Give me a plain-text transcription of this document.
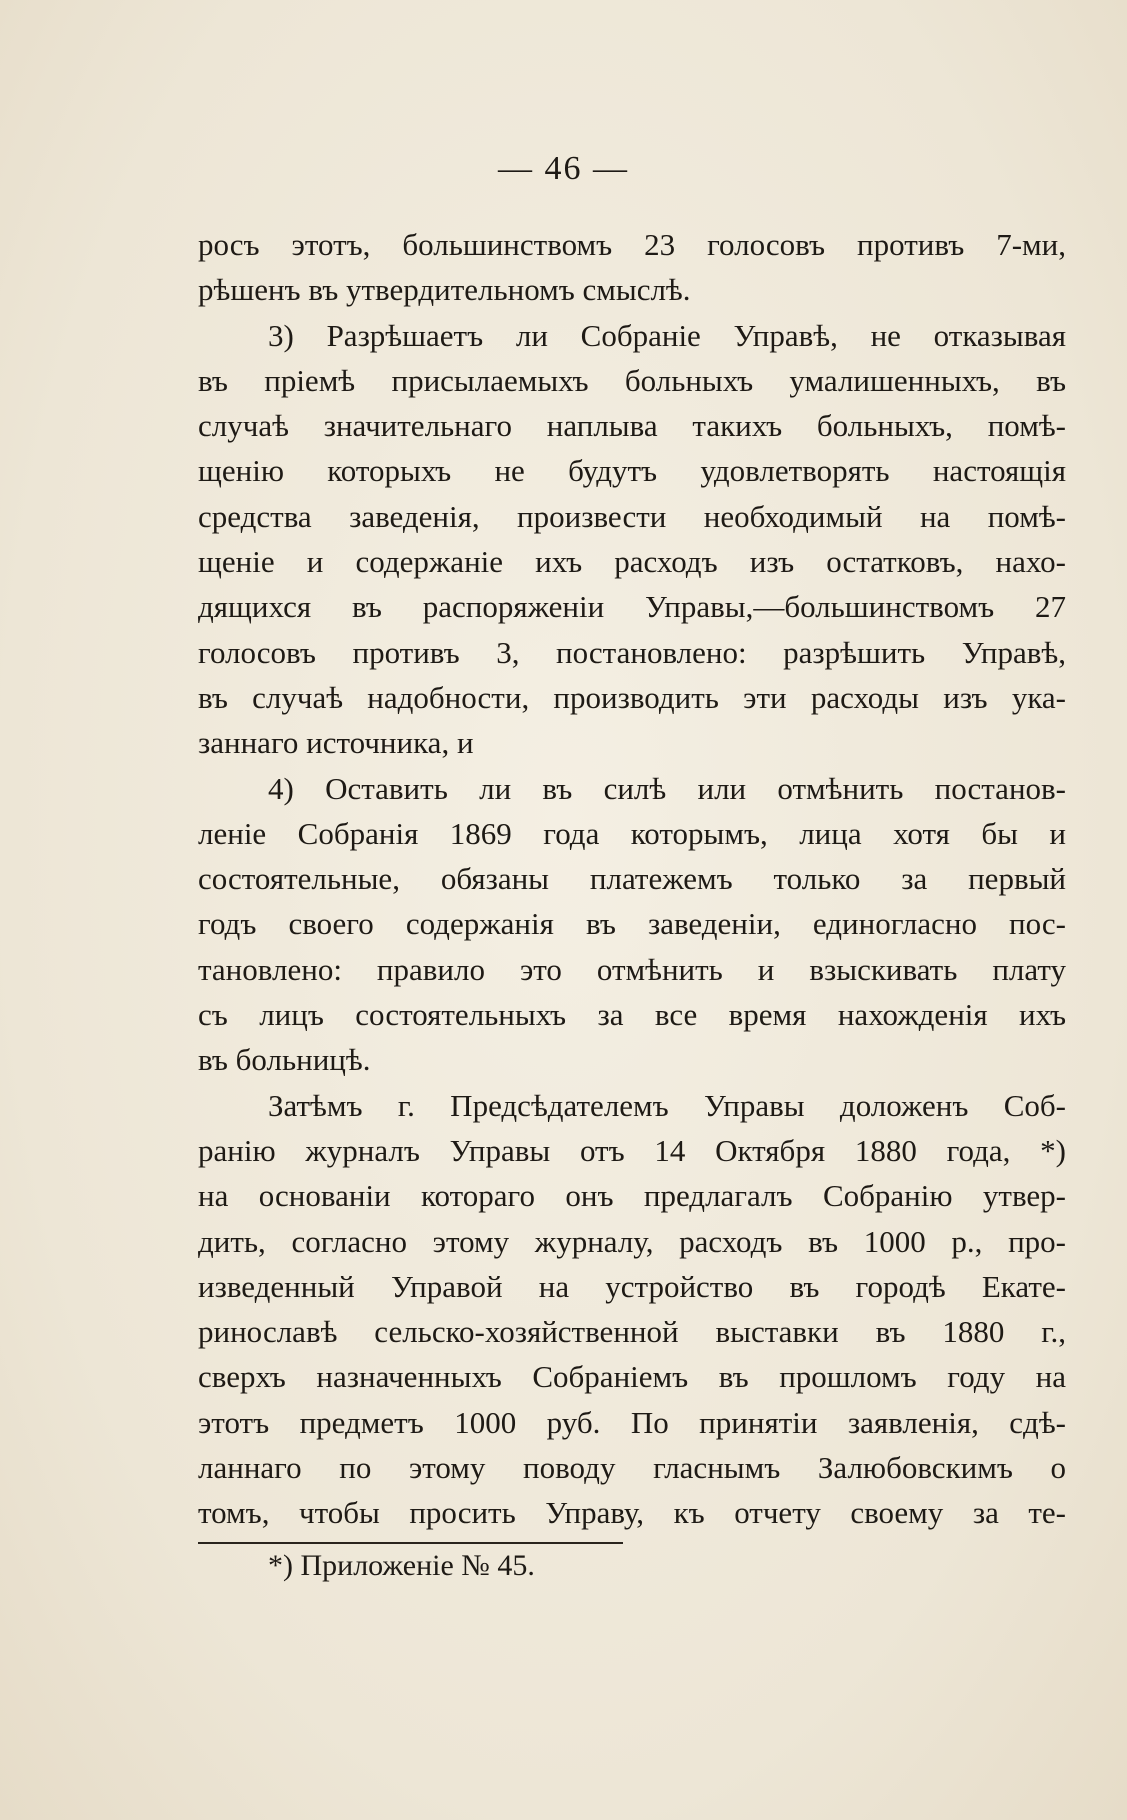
— 46 —
росъ этотъ, большинствомъ 23 голосовъ противъ 7-ми,
рѣшенъ въ утвердительномъ смыслѣ.
3) Разрѣшаетъ ли Собраніе Управѣ, не отказывая
въ пріемѣ присылаемыхъ больныхъ умалишенныхъ, въ
случаѣ значительнаго наплыва такихъ больныхъ, помѣ-
щенію которыхъ не будутъ удовлетворять настоящія
средства заведенія, произвести необходимый на помѣ-
щеніе и содержаніе ихъ расходъ изъ остатковъ, нахо-
дящихся въ распоряженіи Управы,—большинствомъ 27
голосовъ противъ 3, постановлено: разрѣшить Управѣ,
въ случаѣ надобности, производить эти расходы изъ ука-
заннаго источника, и
4) Оставить ли въ силѣ или отмѣнить постанов-
леніе Собранія 1869 года которымъ, лица хотя бы и
состоятельные, обязаны платежемъ только за первый
годъ своего содержанія въ заведеніи, единогласно пос-
тановлено: правило это отмѣнить и взыскивать плату
съ лицъ состоятельныхъ за все время нахожденія ихъ
въ больницѣ.
Затѣмъ г. Предсѣдателемъ Управы доложенъ Соб-
ранію журналъ Управы отъ 14 Октября 1880 года, *)
на основаніи котораго онъ предлагалъ Собранію утвер-
дить, согласно этому журналу, расходъ въ 1000 р., про-
изведенный Управой на устройство въ городѣ Екате-
ринославѣ сельско-хозяйственной выставки въ 1880 г.,
сверхъ назначенныхъ Собраніемъ въ прошломъ году на
этотъ предметъ 1000 руб. По принятіи заявленія, сдѣ-
ланнаго по этому поводу гласнымъ Залюбовскимъ о
томъ, чтобы просить Управу, къ отчету своему за те-
*) Приложеніе № 45.
